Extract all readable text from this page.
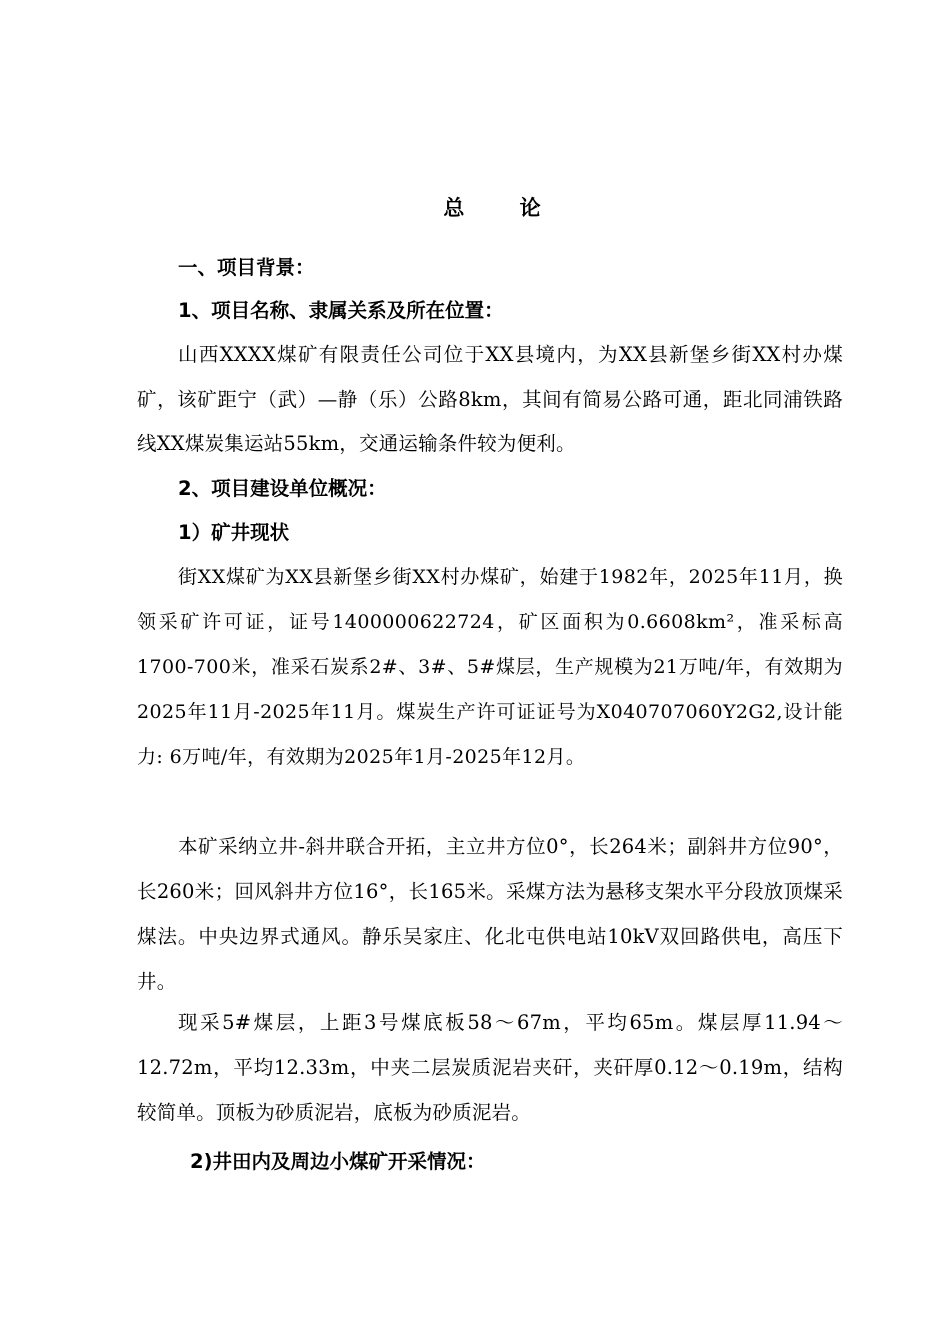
总 论
一、项目背景：
1、项目名称、隶属关系及所在位置：
山西XXXX煤矿有限责任公司位于XX县境内，为XX县新堡乡街XX村办煤矿，该矿距宁（武）—静（乐）公路8km，其间有简易公路可通，距北同浦铁路线XX煤炭集运站55km，交通运输条件较为便利。
2、项目建设单位概况：
1）矿井现状
街XX煤矿为XX县新堡乡街XX村办煤矿，始建于1982年，2025年11月，换领采矿许可证，证号1400000622724，矿区面积为0.6608km²，准采标高1700-700米，准采石炭系2#、3#、5#煤层，生产规模为21万吨/年，有效期为2025年11月-2025年11月。煤炭生产许可证证号为X040707060Y2G2,设计能力: 6万吨/年，有效期为2025年1月-2025年12月。
本矿采纳立井-斜井联合开拓，主立井方位0°，长264米；副斜井方位90°，长260米；回风斜井方位16°，长165米。采煤方法为悬移支架水平分段放顶煤采煤法。中央边界式通风。静乐吴家庄、化北屯供电站10kV双回路供电，高压下井。
现采5#煤层，上距3号煤底板58～67m，平均65m。煤层厚11.94～12.72m，平均12.33m，中夹二层炭质泥岩夹矸，夹矸厚0.12～0.19m，结构较简单。顶板为砂质泥岩，底板为砂质泥岩。
2)井田内及周边小煤矿开采情况：
